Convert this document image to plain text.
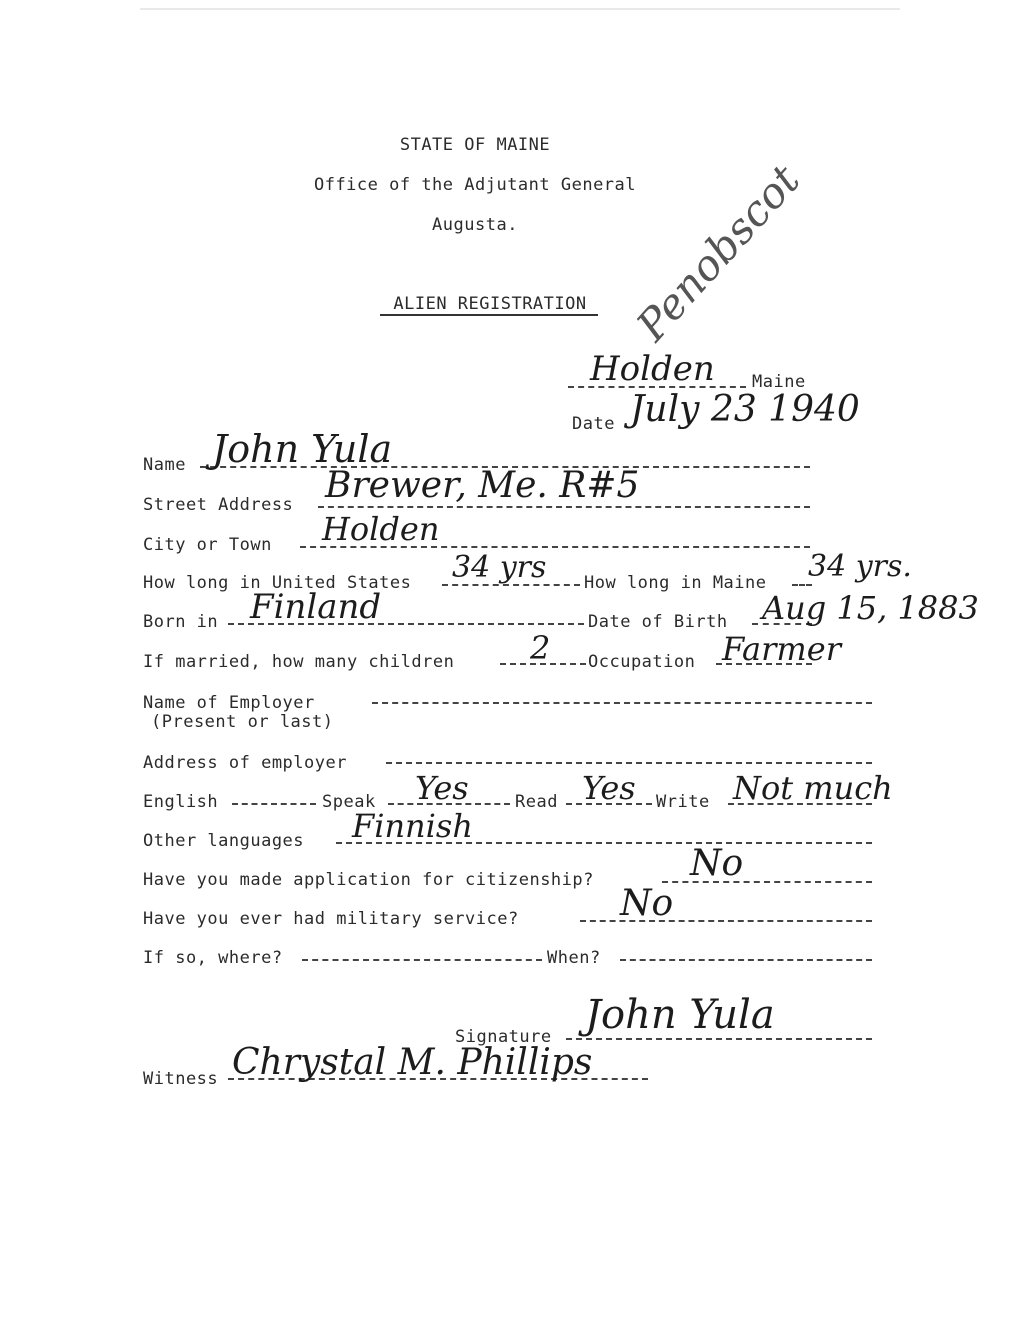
STATE OF MAINE
Office of the Adjutant General
Augusta.
ALIEN REGISTRATION Penobscot
Holden Maine
Date July 23 1940
Name John Yula
Street Address Brewer, Me. R#5
City or Town Holden
How long in United States 34 yrs How long in Maine 34 yrs.
Born in Finland	Date of Birth Aug 15, 1883
If married, how many children 2 Occupation Farmer
Name of Employer
(Present or last)
Address of employer
English	Speak Yes	Read Yes Write Not much
Other languages Finnish
Have you made application for citizenship?	No
Have you ever had military service?	No
If so, where?	When?
Signature John Yula
Witness Chrystal M. Phillips
